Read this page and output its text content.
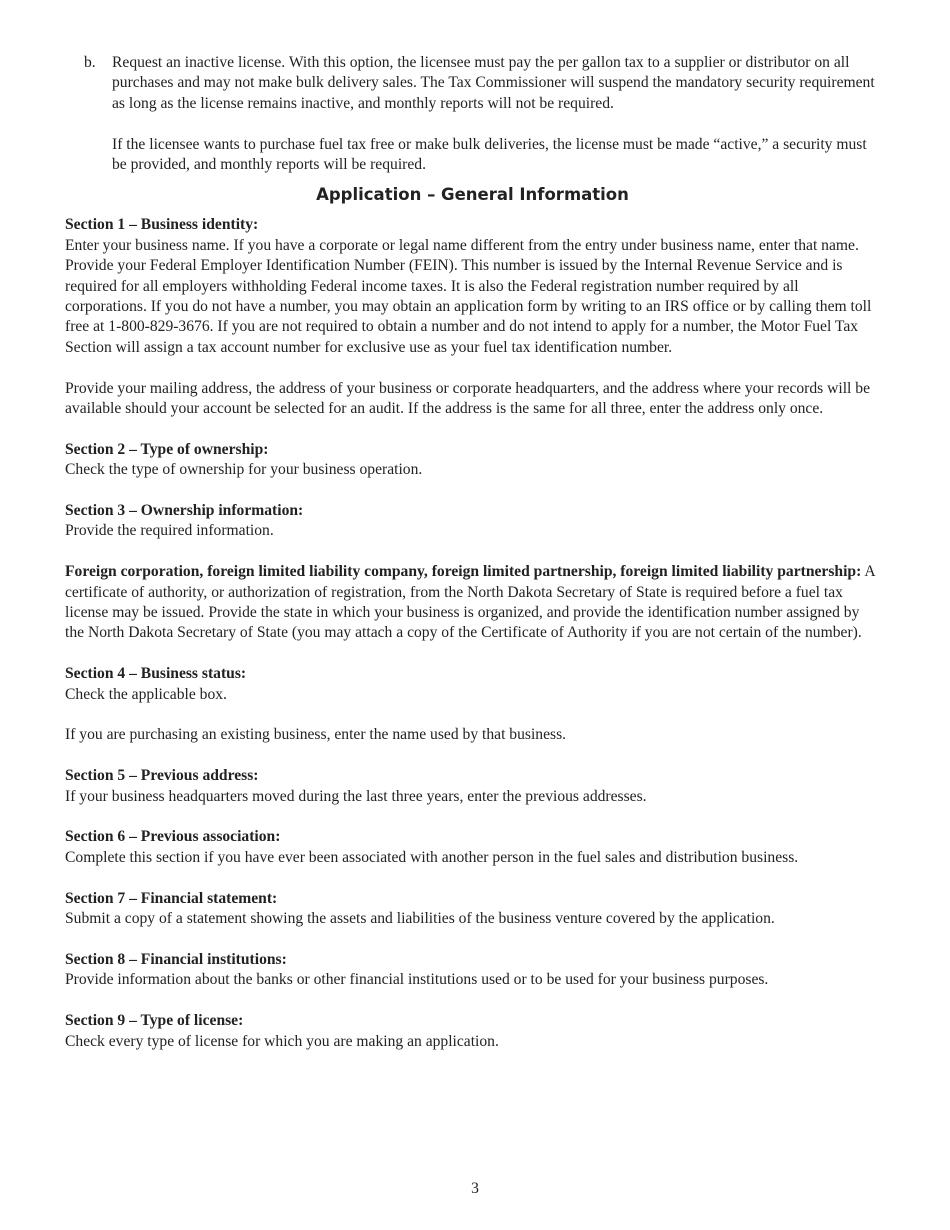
b.	Request an inactive license. With this option, the licensee must pay the per gallon tax to a supplier or distributor on all purchases and may not make bulk delivery sales. The Tax Commissioner will suspend the mandatory security requirement as long as the license remains inactive, and monthly reports will not be required.

If the licensee wants to purchase fuel tax free or make bulk deliveries, the license must be made “active,” a security must be provided, and monthly reports will be required.

Application – General Information

Section 1 – Business identity:

Enter your business name. If you have a corporate or legal name different from the entry under business name, enter that name. Provide your Federal Employer Identification Number (FEIN). This number is issued by the Internal Revenue Service and is required for all employers withholding Federal income taxes. It is also the Federal registration number required by all corporations. If you do not have a number, you may obtain an application form by writing to an IRS office or by calling them toll free at 1-800-829-3676. If you are not required to obtain a number and do not intend to apply for a number, the Motor Fuel Tax Section will assign a tax account number for exclusive use as your fuel tax identification number.

Provide your mailing address, the address of your business or corporate headquarters, and the address where your records will be available should your account be selected for an audit. If the address is the same for all three, enter the address only once.

Section 2 – Type of ownership:

Check the type of ownership for your business operation.

Section 3 – Ownership information:

Provide the required information.

Foreign corporation, foreign limited liability company, foreign limited partnership, foreign limited liability partnership: A certificate of authority, or authorization of registration, from the North Dakota Secretary of State is required before a fuel tax license may be issued. Provide the state in which your business is organized, and provide the identification number assigned by the North Dakota Secretary of State (you may attach a copy of the Certificate of Authority if you are not certain of the number).

Section 4 – Business status:

Check the applicable box.

If you are purchasing an existing business, enter the name used by that business.

Section 5 – Previous address:

If your business headquarters moved during the last three years, enter the previous addresses.

Section 6 – Previous association:

Complete this section if you have ever been associated with another person in the fuel sales and distribution business.

Section 7 – Financial statement:

Submit a copy of a statement showing the assets and liabilities of the business venture covered by the application.

Section 8 – Financial institutions:

Provide information about the banks or other financial institutions used or to be used for your business purposes.

Section 9 – Type of license:

Check every type of license for which you are making an application.

3
